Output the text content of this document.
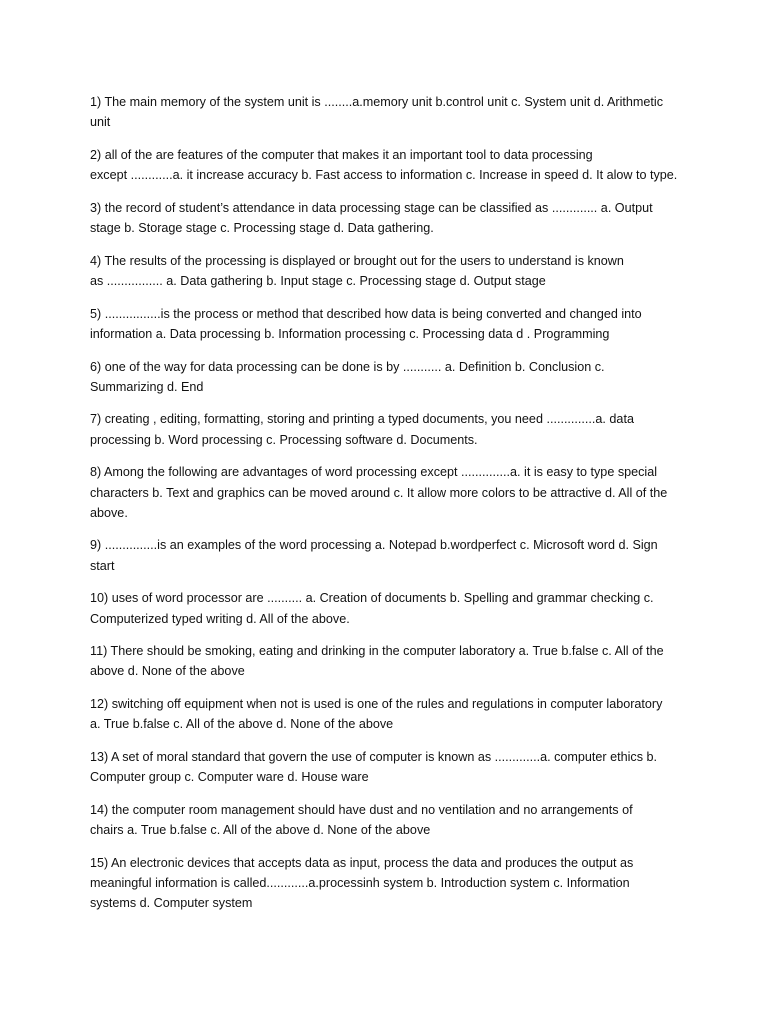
1) The main memory of the system unit is ........a.memory unit b.control unit c. System unit d. Arithmetic
unit
2) all of the are features of the computer that makes it an important tool to data processing
except ............a. it increase accuracy b. Fast access to information c. Increase in speed d. It alow to type.
3) the record of student’s attendance in data processing stage can be classified as ............. a. Output
stage b. Storage stage c. Processing stage d. Data gathering.
4) The results of the processing is displayed or brought out for the users to understand is known
as ................ a. Data gathering b. Input stage c. Processing stage d. Output stage
5) ................is the process or method that described how data is being converted and changed into
information a. Data processing b. Information processing c. Processing data d . Programming
6) one of the way for data processing can be done is by ........... a. Definition b. Conclusion c.
Summarizing d. End
7) creating , editing, formatting, storing and printing a typed documents, you need ..............a. data
processing b. Word processing c. Processing software d. Documents.
8) Among the following are advantages of word processing except ..............a. it is easy to type special
characters b. Text and graphics can be moved around c. It allow more colors to be attractive d. All of the
above.
9) ...............is an examples of the word processing a. Notepad b.wordperfect c. Microsoft word d. Sign
start
10) uses of word processor are .......... a. Creation of documents b. Spelling and grammar checking c.
Computerized typed writing d. All of the above.
11) There should be smoking, eating and drinking in the computer laboratory a. True b.false c. All of the
above d. None of the above
12) switching off equipment when not is used is one of the rules and regulations in computer laboratory
a. True b.false c. All of the above d. None of the above
13) A set of moral standard that govern the use of computer is known as .............a. computer ethics b.
Computer group c. Computer ware d. House ware
14) the computer room management should have dust and no ventilation and no arrangements of
chairs a. True b.false c. All of the above d. None of the above
15) An electronic devices that accepts data as input, process the data and produces the output as
meaningful information is called............a.processinh system b. Introduction system c. Information
systems d. Computer system
